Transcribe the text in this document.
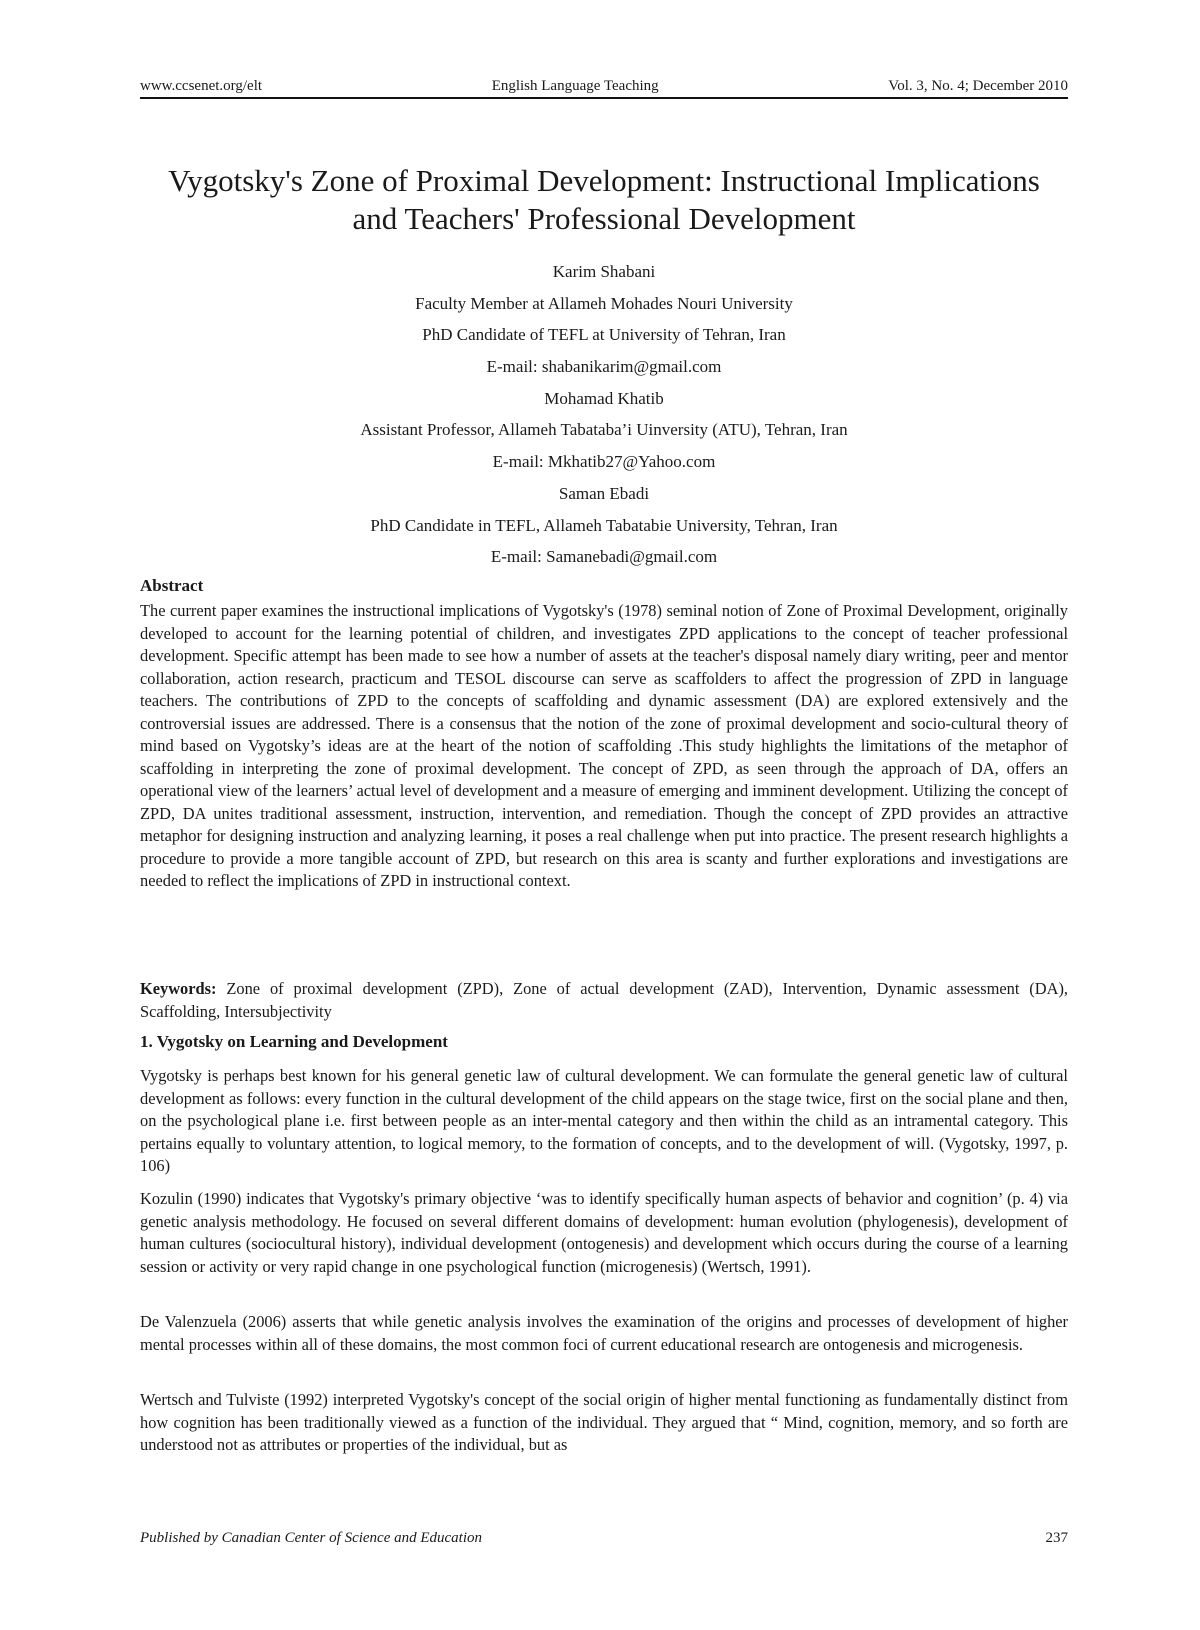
www.ccsenet.org/elt	English Language Teaching	Vol. 3, No. 4; December 2010
Vygotsky's Zone of Proximal Development: Instructional Implications
and Teachers' Professional Development
Karim Shabani
Faculty Member at Allameh Mohades Nouri University
PhD Candidate of TEFL at University of Tehran, Iran
E-mail: shabanikarim@gmail.com
Mohamad Khatib
Assistant Professor, Allameh Tabataba’i Uinversity (ATU), Tehran, Iran
E-mail: Mkhatib27@Yahoo.com
Saman Ebadi
PhD Candidate in TEFL, Allameh Tabatabie University, Tehran, Iran
E-mail: Samanebadi@gmail.com
Abstract

The current paper examines the instructional implications of Vygotsky's (1978) seminal notion of Zone of Proximal Development, originally developed to account for the learning potential of children, and investigates ZPD applications to the concept of teacher professional development. Specific attempt has been made to see how a number of assets at the teacher's disposal namely diary writing, peer and mentor collaboration, action research, practicum and TESOL discourse can serve as scaffolders to affect the progression of ZPD in language teachers. The contributions of ZPD to the concepts of scaffolding and dynamic assessment (DA) are explored extensively and the controversial issues are addressed. There is a consensus that the notion of the zone of proximal development and socio-cultural theory of mind based on Vygotsky’s ideas are at the heart of the notion of scaffolding .This study highlights the limitations of the metaphor of scaffolding in interpreting the zone of proximal development. The concept of ZPD, as seen through the approach of DA, offers an operational view of the learners’ actual level of development and a measure of emerging and imminent development. Utilizing the concept of ZPD, DA unites traditional assessment, instruction, intervention, and remediation. Though the concept of ZPD provides an attractive metaphor for designing instruction and analyzing learning, it poses a real challenge when put into practice. The present research highlights a procedure to provide a more tangible account of ZPD, but research on this area is scanty and further explorations and investigations are needed to reflect the implications of ZPD in instructional context.

Keywords: Zone of proximal development (ZPD), Zone of actual development (ZAD), Intervention, Dynamic assessment (DA), Scaffolding, Intersubjectivity

1. Vygotsky on Learning and Development

Vygotsky is perhaps best known for his general genetic law of cultural development. We can formulate the general genetic law of cultural development as follows: every function in the cultural development of the child appears on the stage twice, first on the social plane and then, on the psychological plane i.e. first between people as an inter-mental category and then within the child as an intramental category. This pertains equally to voluntary attention, to logical memory, to the formation of concepts, and to the development of will. (Vygotsky, 1997, p. 106)

Kozulin (1990) indicates that Vygotsky's primary objective ‘was to identify specifically human aspects of behavior and cognition’ (p. 4) via genetic analysis methodology. He focused on several different domains of development: human evolution (phylogenesis), development of human cultures (sociocultural history), individual development (ontogenesis) and development which occurs during the course of a learning session or activity or very rapid change in one psychological function (microgenesis) (Wertsch, 1991).

De Valenzuela (2006) asserts that while genetic analysis involves the examination of the origins and processes of development of higher mental processes within all of these domains, the most common foci of current educational research are ontogenesis and microgenesis.

Wertsch and Tulviste (1992) interpreted Vygotsky's concept of the social origin of higher mental functioning as fundamentally distinct from how cognition has been traditionally viewed as a function of the individual. They argued that “ Mind, cognition, memory, and so forth are understood not as attributes or properties of the individual, but as

Published by Canadian Center of Science and Education	237
